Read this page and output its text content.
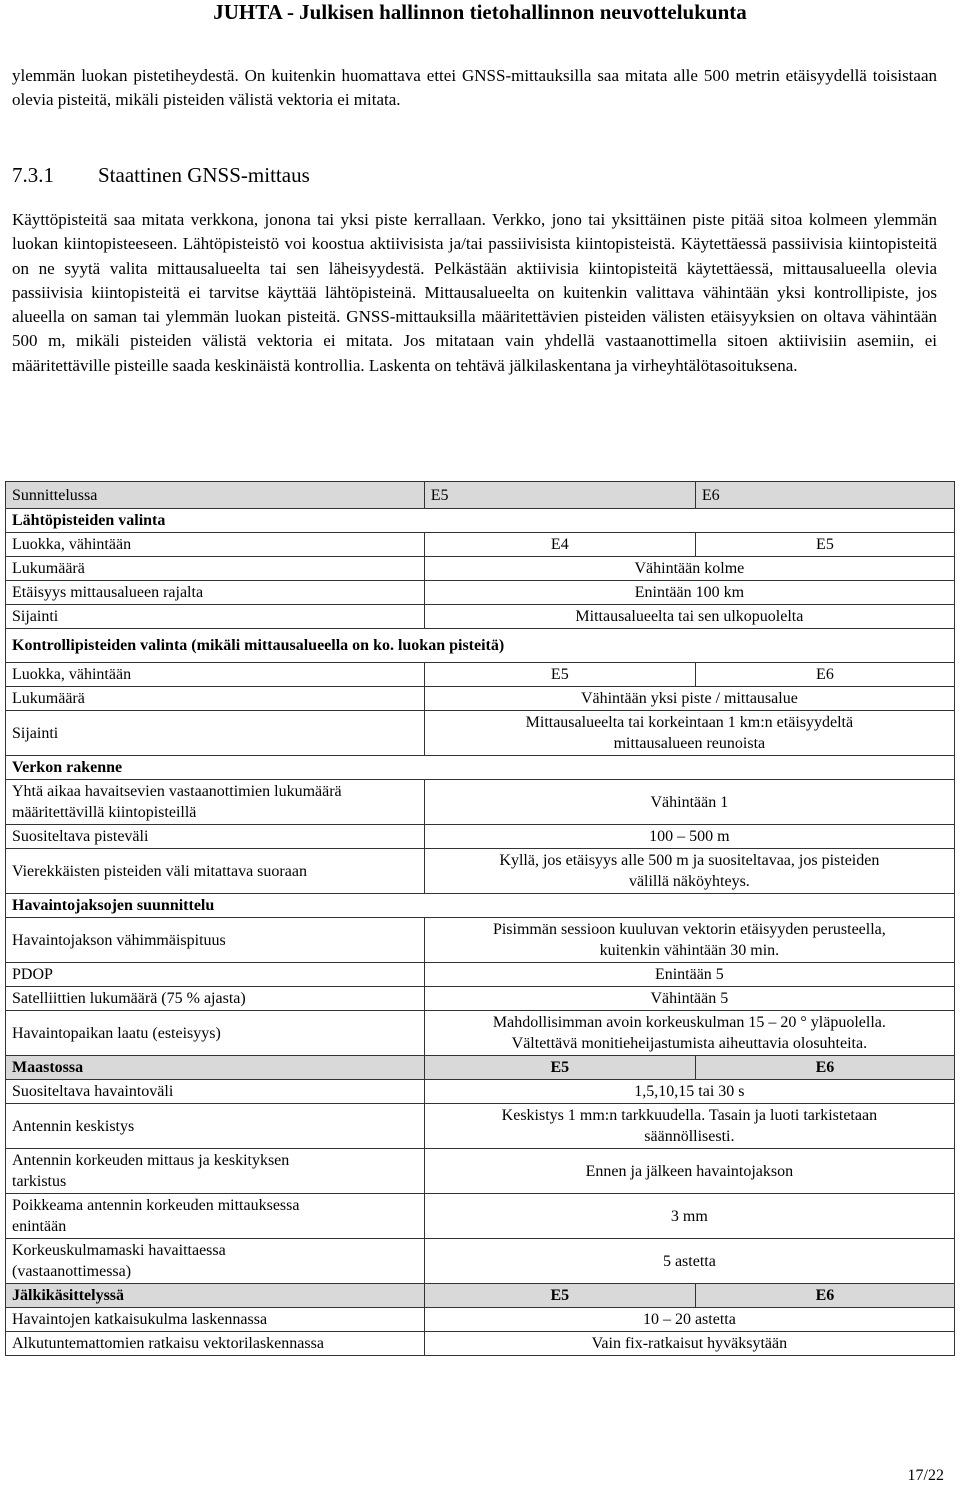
JUHTA - Julkisen hallinnon tietohallinnon neuvottelukunta

ylemmän luokan pistetiheydestä. On kuitenkin huomattava ettei GNSS-mittauksilla saa mitata alle 500 metrin etäisyydellä toisistaan olevia pisteitä, mikäli pisteiden välistä vektoria ei mitata.

7.3.1 Staattinen GNSS-mittaus

Käyttöpisteitä saa mitata verkkona, jonona tai yksi piste kerrallaan. Verkko, jono tai yksittäinen piste pitää sitoa kolmeen ylemmän luokan kiintopisteeseen. Lähtöpisteistö voi koostua aktiivisista ja/tai passiivisista kiintopisteistä. Käytettäessä passiivisia kiintopisteitä on ne syytä valita mittausalueelta tai sen läheisyydestä. Pelkästään aktiivisia kiintopisteitä käytettäessä, mittausalueella olevia passiivisia kiintopisteitä ei tarvitse käyttää lähtöpisteinä. Mittausalueelta on kuitenkin valittava vähintään yksi kontrollipiste, jos alueella on saman tai ylemmän luokan pisteitä. GNSS-mittauksilla määritettävien pisteiden välisten etäisyyksien on oltava vähintään 500 m, mikäli pisteiden välistä vektoria ei mitata. Jos mitataan vain yhdellä vastaanottimella sitoen aktiivisiin asemiin, ei määritettäville pisteille saada keskinäistä kontrollia. Laskenta on tehtävä jälkilaskentana ja virheyhtälötasoituksena.

Sunnittelussa	E5	E6
Lähtöpisteiden valinta		
Luokka, vähintään	E4	E5
Lukumäärä	Vähintään kolme	
Etäisyys mittausalueen rajalta	Enintään 100 km	
Sijainti	Mittausalueelta tai sen ulkopuolelta	
Kontrollipisteiden valinta (mikäli mittausalueella on ko. luokan pisteitä)		
Luokka, vähintään	E5	E6
Lukumäärä	Vähintään yksi piste / mittausalue	
Sijainti	Mittausalueelta tai korkeintaan 1 km:n etäisyydeltä
mittausalueen reunoista	
Verkon rakenne		
Yhtä aikaa havaitsevien vastaanottimien lukumäärä
määritettävillä kiintopisteillä	Vähintään 1	
Suositeltava pisteväli	100 – 500 m	
Vierekkäisten pisteiden väli mitattava suoraan	Kyllä, jos etäisyys alle 500 m ja suositeltavaa, jos pisteiden
välillä näköyhteys.	
Havaintojaksojen suunnittelu		
Havaintojakson vähimmäispituus	Pisimmän sessioon kuuluvan vektorin etäisyyden perusteella,
kuitenkin vähintään 30 min.	
PDOP	Enintään 5	
Satelliittien lukumäärä (75 % ajasta)	Vähintään 5	
Havaintopaikan laatu (esteisyys)	Mahdollisimman avoin korkeuskulman 15 – 20 ° yläpuolella.
Vältettävä monitieheijastumista aiheuttavia olosuhteita.	
Maastossa	E5	E6
Suositeltava havaintoväli	1,5,10,15 tai 30 s	
Antennin keskistys	Keskistys 1 mm:n tarkkuudella. Tasain ja luoti tarkistetaan
säännöllisesti.	
Antennin korkeuden mittaus ja keskityksen
tarkistus	Ennen ja jälkeen havaintojakson	
Poikkeama antennin korkeuden mittauksessa
enintään	3 mm	
Korkeuskulmamaski havaittaessa
(vastaanottimessa)	5 astetta	
Jälkikäsittelyssä	E5	E6
Havaintojen katkaisukulma laskennassa	10 – 20 astetta	
Alkutuntemattomien ratkaisu vektorilaskennassa	Vain fix-ratkaisut hyväksytään	
17/22
